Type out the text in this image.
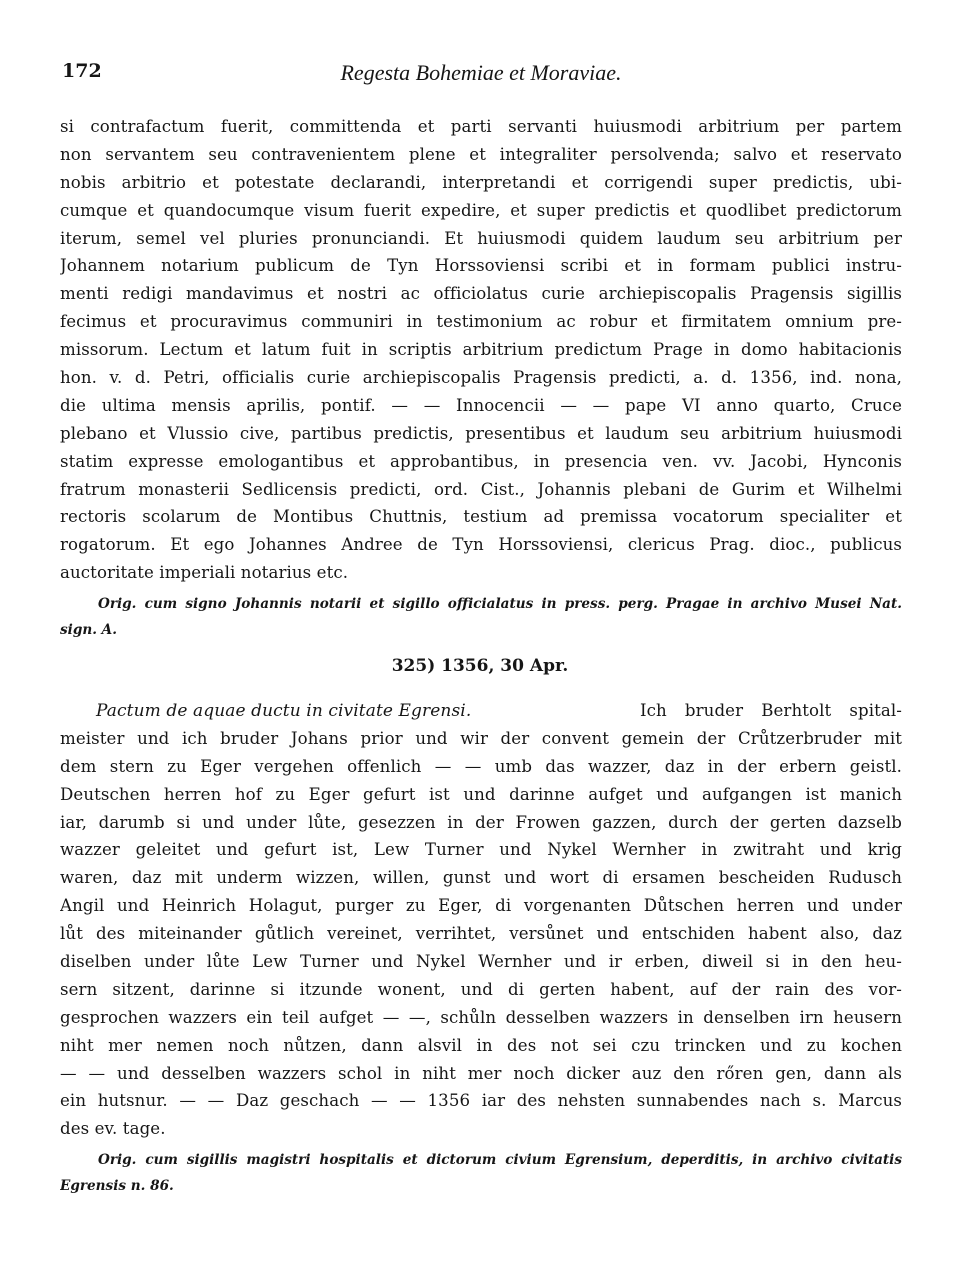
172	Regesta Bohemiae et Moraviae.
si contrafactum fuerit, committenda et parti servanti huiusmodi arbitrium per partem
non servantem seu contravenientem plene et integraliter persolvenda; salvo et reservato
nobis arbitrio et potestate declarandi, interpretandi et corrigendi super predictis, ubi-
cumque et quandocumque visum fuerit expedire, et super predictis et quodlibet predictorum
iterum, semel vel pluries pronunciandi. Et huiusmodi quidem laudum seu arbitrium per
Johannem notarium publicum de Tyn Horssoviensi scribi et in formam publici instru-
menti redigi mandavimus et nostri ac officiolatus curie archiepiscopalis Pragensis sigillis
fecimus et procuravimus communiri in testimonium ac robur et firmitatem omnium pre-
missorum. Lectum et latum fuit in scriptis arbitrium predictum Prage in domo habitacionis
hon. v. d. Petri, officialis curie archiepiscopalis Pragensis predicti, a. d. 1356, ind. nona,
die ultima mensis aprilis, pontif. — — Innocencii — — pape VI anno quarto, Cruce
plebano et Vlussio cive, partibus predictis, presentibus et laudum seu arbitrium huiusmodi
statim expresse emologantibus et approbantibus, in presencia ven. vv. Jacobi, Hynconis
fratrum monasterii Sedlicensis predicti, ord. Cist., Johannis plebani de Gurim et Wilhelmi
rectoris scolarum de Montibus Chuttnis, testium ad premissa vocatorum specialiter et
rogatorum. Et ego Johannes Andree de Tyn Horssoviensi, clericus Prag. dioc., publicus
auctoritate imperiali notarius etc.
Orig. cum signo Johannis notarii et sigillo officialatus in press. perg. Pragae in archivo Musei Nat.
sign. A.
325) 1356, 30 Apr.
Pactum de aquae ductu in civitate Egrensi.	Ich bruder Berhtolt spital-
meister und ich bruder Johans prior und wir der convent gemein der Crůtzerbruder mit
dem stern zu Eger vergehen offenlich — — umb das wazzer, daz in der erbern geistl.
Deutschen herren hof zu Eger gefurt ist und darinne aufget und aufgangen ist manich
iar, darumb si und under lůte, gesezzen in der Frowen gazzen, durch der gerten dazselb
wazzer geleitet und gefurt ist, Lew Turner und Nykel Wernher in zwitraht und krig
waren, daz mit underm wizzen, willen, gunst und wort di ersamen bescheiden Rudusch
Angil und Heinrich Holagut, purger zu Eger, di vorgenanten Důtschen herren und under
lůt des miteinander gůtlich vereinet, verrihtet, versůnet und entschiden habent also, daz
diselben under lůte Lew Turner und Nykel Wernher und ir erben, diweil si in den heu-
sern sitzent, darinne si itzunde wonent, und di gerten habent, auf der rain des vor-
gesprochen wazzers ein teil aufget — —, schůln desselben wazzers in denselben irn heusern
niht mer nemen noch nůtzen, dann alsvil in des not sei czu trincken und zu kochen
— — und desselben wazzers schol in niht mer noch dicker auz den rőren gen, dann als
ein hutsnur. — — Daz geschach — — 1356 iar des nehsten sunnabendes nach s. Marcus
des ev. tage.
Orig. cum sigillis magistri hospitalis et dictorum civium Egrensium, deperditis, in archivo civitatis
Egrensis n. 86.
